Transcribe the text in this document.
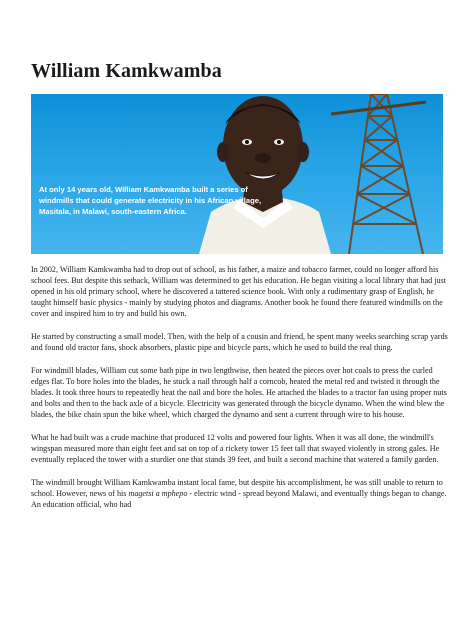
William Kamkwamba
At only 14 years old, William Kamkwamba built a series of windmills that could generate electricity in his African village, Masitala, in Malawi, south-eastern Africa.

In 2002, William Kamkwamba had to drop out of school, as his father, a maize and tobacco farmer, could no longer afford his school fees. But despite this setback, William was determined to get his education. He began visiting a local library that had just opened in his old primary school, where he discovered a tattered science book. With only a rudimentary grasp of English, he taught himself basic physics - mainly by studying photos and diagrams. Another book he found there featured windmills on the cover and inspired him to try and build his own.

He started by constructing a small model. Then, with the help of a cousin and friend, he spent many weeks searching scrap yards and found old tractor fans, shock absorbers, plastic pipe and bicycle parts, which he used to build the real thing.

For windmill blades, William cut some bath pipe in two lengthwise, then heated the pieces over hot coals to press the curled edges flat. To bore holes into the blades, he stuck a nail through half a corncob, heated the metal red and twisted it through the blades. It took three hours to repeatedly heat the nail and bore the holes. He attached the blades to a tractor fan using proper nuts and bolts and then to the back axle of a bicycle. Electricity was generated through the bicycle dynamo. When the wind blew the blades, the bike chain spun the bike wheel, which charged the dynamo and sent a current through wire to his house.

What he had built was a crude machine that produced 12 volts and powered four lights. When it was all done, the windmill's wingspan measured more than eight feet and sat on top of a rickety tower 15 feet tall that swayed violently in strong gales. He eventually replaced the tower with a sturdier one that stands 39 feet, and built a second machine that watered a family garden.

The windmill brought William Kamkwamba instant local fame, but despite his accomplishment, he was still unable to return to school. However, news of his magetsi a mphepo - electric wind - spread beyond Malawi, and eventually things began to change. An education official, who had
